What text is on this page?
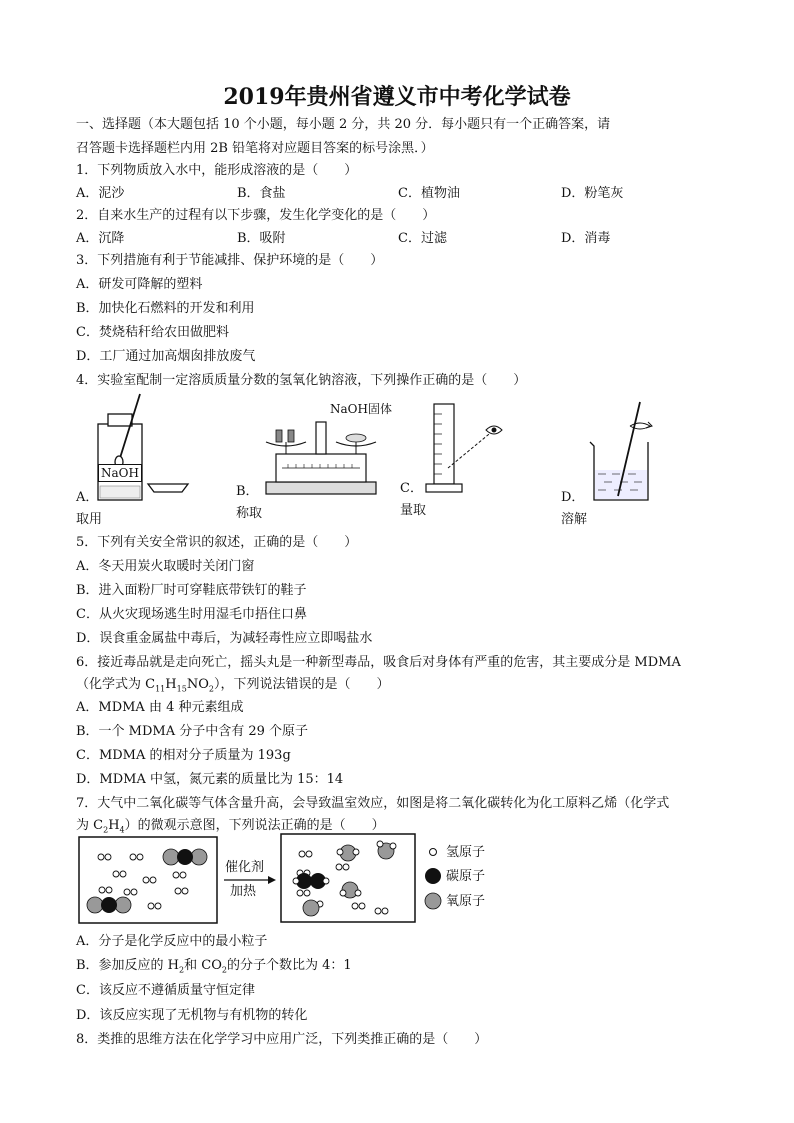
2019年贵州省遵义市中考化学试卷
一、选择题（本大题包括 10 个小题，每小题 2 分，共 20 分．每小题只有一个正确答案，请
召答题卡选择题栏内用 2B 铅笔将对应题目答案的标号涂黑．）
1．下列物质放入水中，能形成溶液的是（　　）
A．泥沙	B．食盐	C．植物油	D．粉笔灰
2．自来水生产的过程有以下步骤，发生化学变化的是（　　）
A．沉降	B．吸附	C．过滤	D．消毒
3．下列措施有利于节能减排、保护环境的是（　　）
A．研发可降解的塑料
B．加快化石燃料的开发和利用
C．焚烧秸秆给农田做肥料
D．工厂通过加高烟囱排放废气
4．实验室配制一定溶质质量分数的氢氧化钠溶液，下列操作正确的是（　　）
NaOH
A．
取用
NaOH固体
B．
称取
C．
量取
D．
溶解
5．下列有关安全常识的叙述，正确的是（　　）
A．冬天用炭火取暖时关闭门窗
B．进入面粉厂时可穿鞋底带铁钉的鞋子
C．从火灾现场逃生时用湿毛巾捂住口鼻
D．误食重金属盐中毒后，为减轻毒性应立即喝盐水
6．接近毒品就是走向死亡，摇头丸是一种新型毒品，吸食后对身体有严重的危害，其主要成分是 MDMA
（化学式为 $C_{11}H_{15}NO_2$），下列说法错误的是（　　）
A．MDMA 由 4 种元素组成
B．一个 MDMA 分子中含有 29 个原子
C．MDMA 的相对分子质量为 193g
D．MDMA 中氢，氮元素的质量比为 15：14
7．大气中二氧化碳等气体含量升高，会导致温室效应，如图是将二氧化碳转化为化工原料乙烯（化学式
为 $C_2H_4$）的微观示意图，下列说法正确的是（　　）
催化剂
加热
氢原子
碳原子
氧原子
A．分子是化学反应中的最小粒子
B．参加反应的 $H_2$和 $CO_2$的分子个数比为 4：1
C．该反应不遵循质量守恒定律
D．该反应实现了无机物与有机物的转化
8．类推的思维方法在化学学习中应用广泛，下列类推正确的是（　　）
